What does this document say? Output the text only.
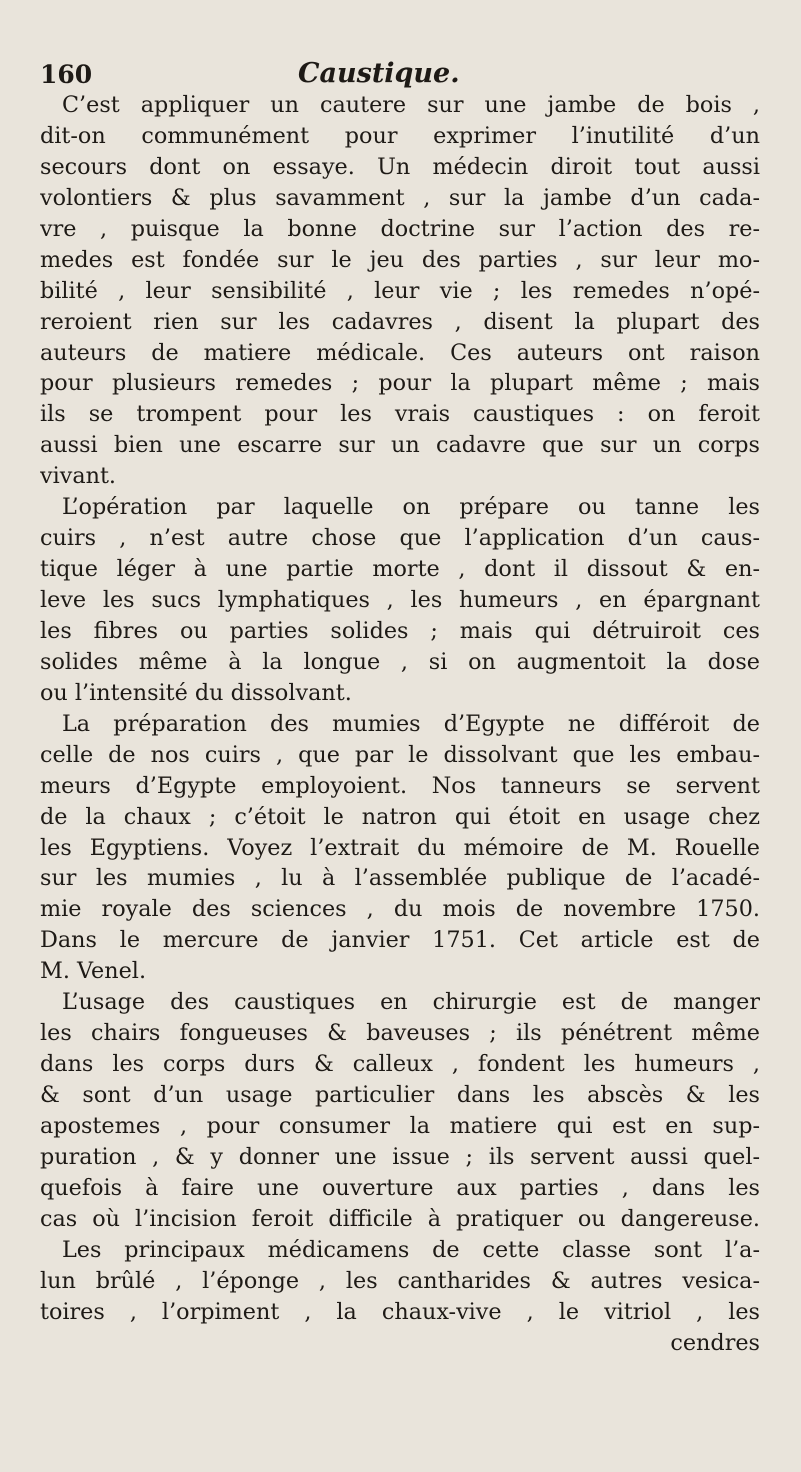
160	Caustique.
C’est appliquer un cautere sur une jambe de bois ,
dit-on communément pour exprimer l’inutilité d’un
secours dont on essaye. Un médecin diroit tout aussi
volontiers & plus savamment , sur la jambe d’un cada-
vre , puisque la bonne doctrine sur l’action des re-
medes est fondée sur le jeu des parties , sur leur mo-
bilité , leur sensibilité , leur vie ; les remedes n’opé-
reroient rien sur les cadavres , disent la plupart des
auteurs de matiere médicale. Ces auteurs ont raison
pour plusieurs remedes ; pour la plupart même ; mais
ils se trompent pour les vrais caustiques : on feroit
aussi bien une escarre sur un cadavre que sur un corps
vivant.
L’opération par laquelle on prépare ou tanne les
cuirs , n’est autre chose que l’application d’un caus-
tique léger à une partie morte , dont il dissout & en-
leve les sucs lymphatiques , les humeurs , en épargnant
les fibres ou parties solides ; mais qui détruiroit ces
solides même à la longue , si on augmentoit la dose
ou l’intensité du dissolvant.
La préparation des mumies d’Egypte ne différoit de
celle de nos cuirs , que par le dissolvant que les embau-
meurs d’Egypte employoient. Nos tanneurs se servent
de la chaux ; c’étoit le natron qui étoit en usage chez
les Egyptiens. Voyez l’extrait du mémoire de M. Rouelle
sur les mumies , lu à l’assemblée publique de l’acadé-
mie royale des sciences , du mois de novembre 1750.
Dans le mercure de janvier 1751. Cet article est de
M. Venel.
L’usage des caustiques en chirurgie est de manger
les chairs fongueuses & baveuses ; ils pénétrent même
dans les corps durs & calleux , fondent les humeurs ,
& sont d’un usage particulier dans les abscès & les
apostemes , pour consumer la matiere qui est en sup-
puration , & y donner une issue ; ils servent aussi quel-
quefois à faire une ouverture aux parties , dans les
cas où l’incision feroit difficile à pratiquer ou dangereuse.
Les principaux médicamens de cette classe sont l’a-
lun brûlé , l’éponge , les cantharides & autres vesica-
toires , l’orpiment , la chaux-vive , le vitriol , les
cendres
